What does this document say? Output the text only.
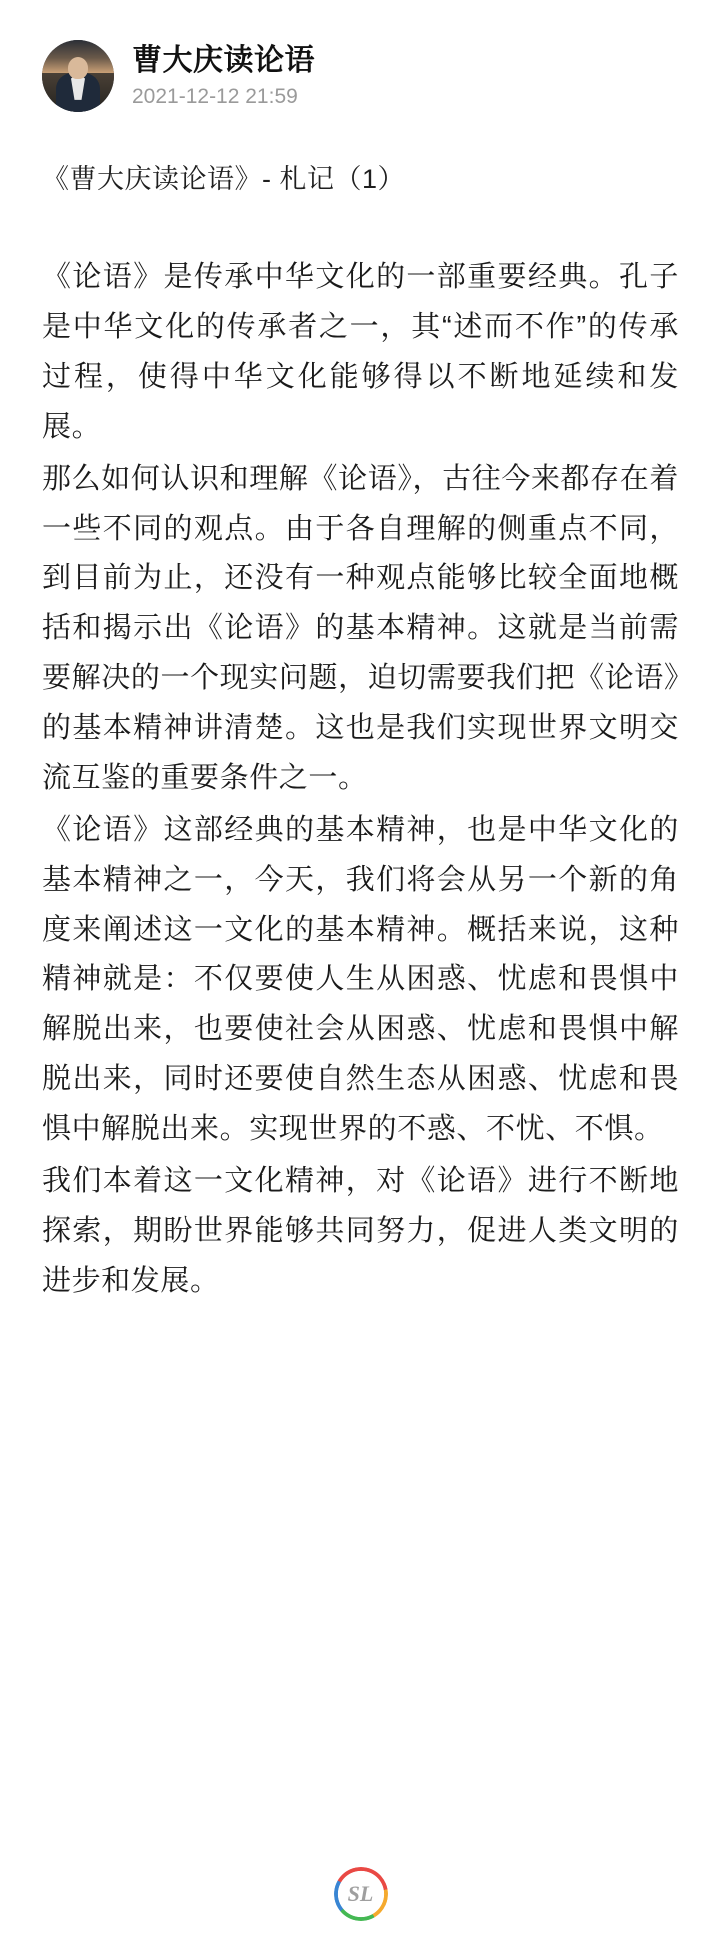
曹大庆读论语
2021-12-12 21:59
《曹大庆读论语》- 札记（1）

《论语》是传承中华文化的一部重要经典。孔子是中华文化的传承者之一，其“述而不作”的传承过程，使得中华文化能够得以不断地延续和发展。

那么如何认识和理解《论语》，古往今来都存在着一些不同的观点。由于各自理解的侧重点不同，到目前为止，还没有一种观点能够比较全面地概括和揭示出《论语》的基本精神。这就是当前需要解决的一个现实问题，迫切需要我们把《论语》的基本精神讲清楚。这也是我们实现世界文明交流互鉴的重要条件之一。

《论语》这部经典的基本精神，也是中华文化的基本精神之一，今天，我们将会从另一个新的角度来阐述这一文化的基本精神。概括来说，这种精神就是：不仅要使人生从困惑、忧虑和畏惧中解脱出来，也要使社会从困惑、忧虑和畏惧中解脱出来，同时还要使自然生态从困惑、忧虑和畏惧中解脱出来。实现世界的不惑、不忧、不惧。

我们本着这一文化精神，对《论语》进行不断地探索，期盼世界能够共同努力，促进人类文明的进步和发展。

SL
